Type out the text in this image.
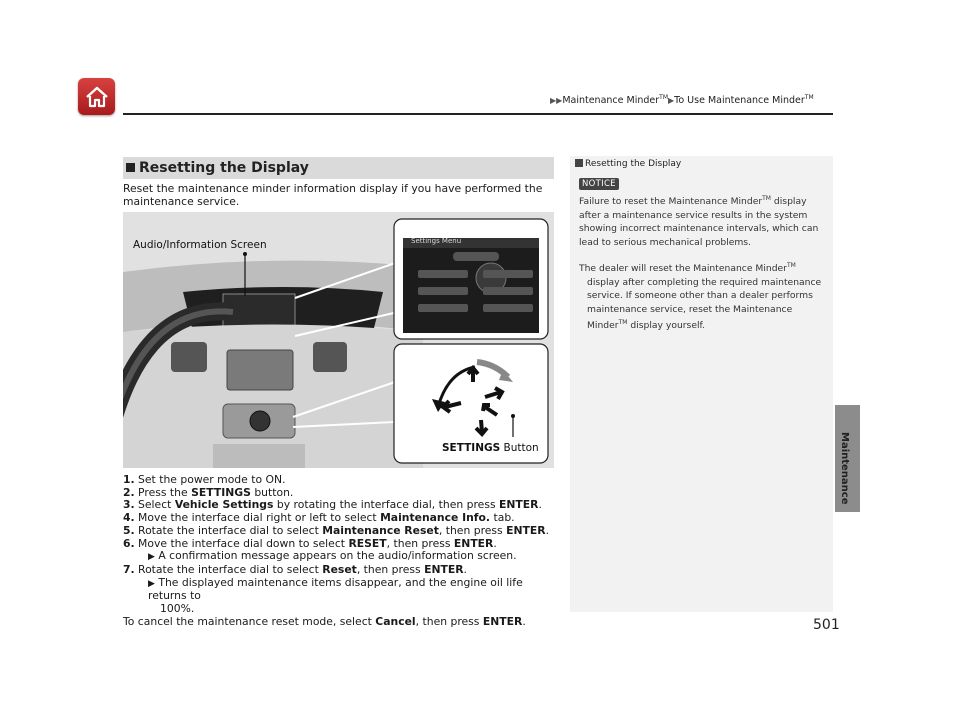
▶▶Maintenance Minder™▶To Use Maintenance Minder™
Maintenance
Resetting the Display
NOTICE
Failure to reset the Maintenance Minder™ display after a maintenance service results in the system showing incorrect maintenance intervals, which can lead to serious mechanical problems.
The dealer will reset the Maintenance Minder™
display after completing the required maintenance service. If someone other than a dealer performs maintenance service, reset the Maintenance
Minder™ display yourself.
Resetting the Display
Reset the maintenance minder information display if you have performed the maintenance service.
Audio/Information Screen	Settings Menu
SETTINGS Button
1. Set the power mode to ON.
2. Press the SETTINGS button.
3. Select Vehicle Settings by rotating the interface dial, then press ENTER.
4. Move the interface dial right or left to select Maintenance Info. tab.
5. Rotate the interface dial to select Maintenance Reset, then press ENTER.
6. Move the interface dial down to select RESET, then press ENTER.
▶ A confirmation message appears on the audio/information screen.
7. Rotate the interface dial to select Reset, then press ENTER.
▶ The displayed maintenance items disappear, and the engine oil life returns to
100%.
To cancel the maintenance reset mode, select Cancel, then press ENTER.	501
